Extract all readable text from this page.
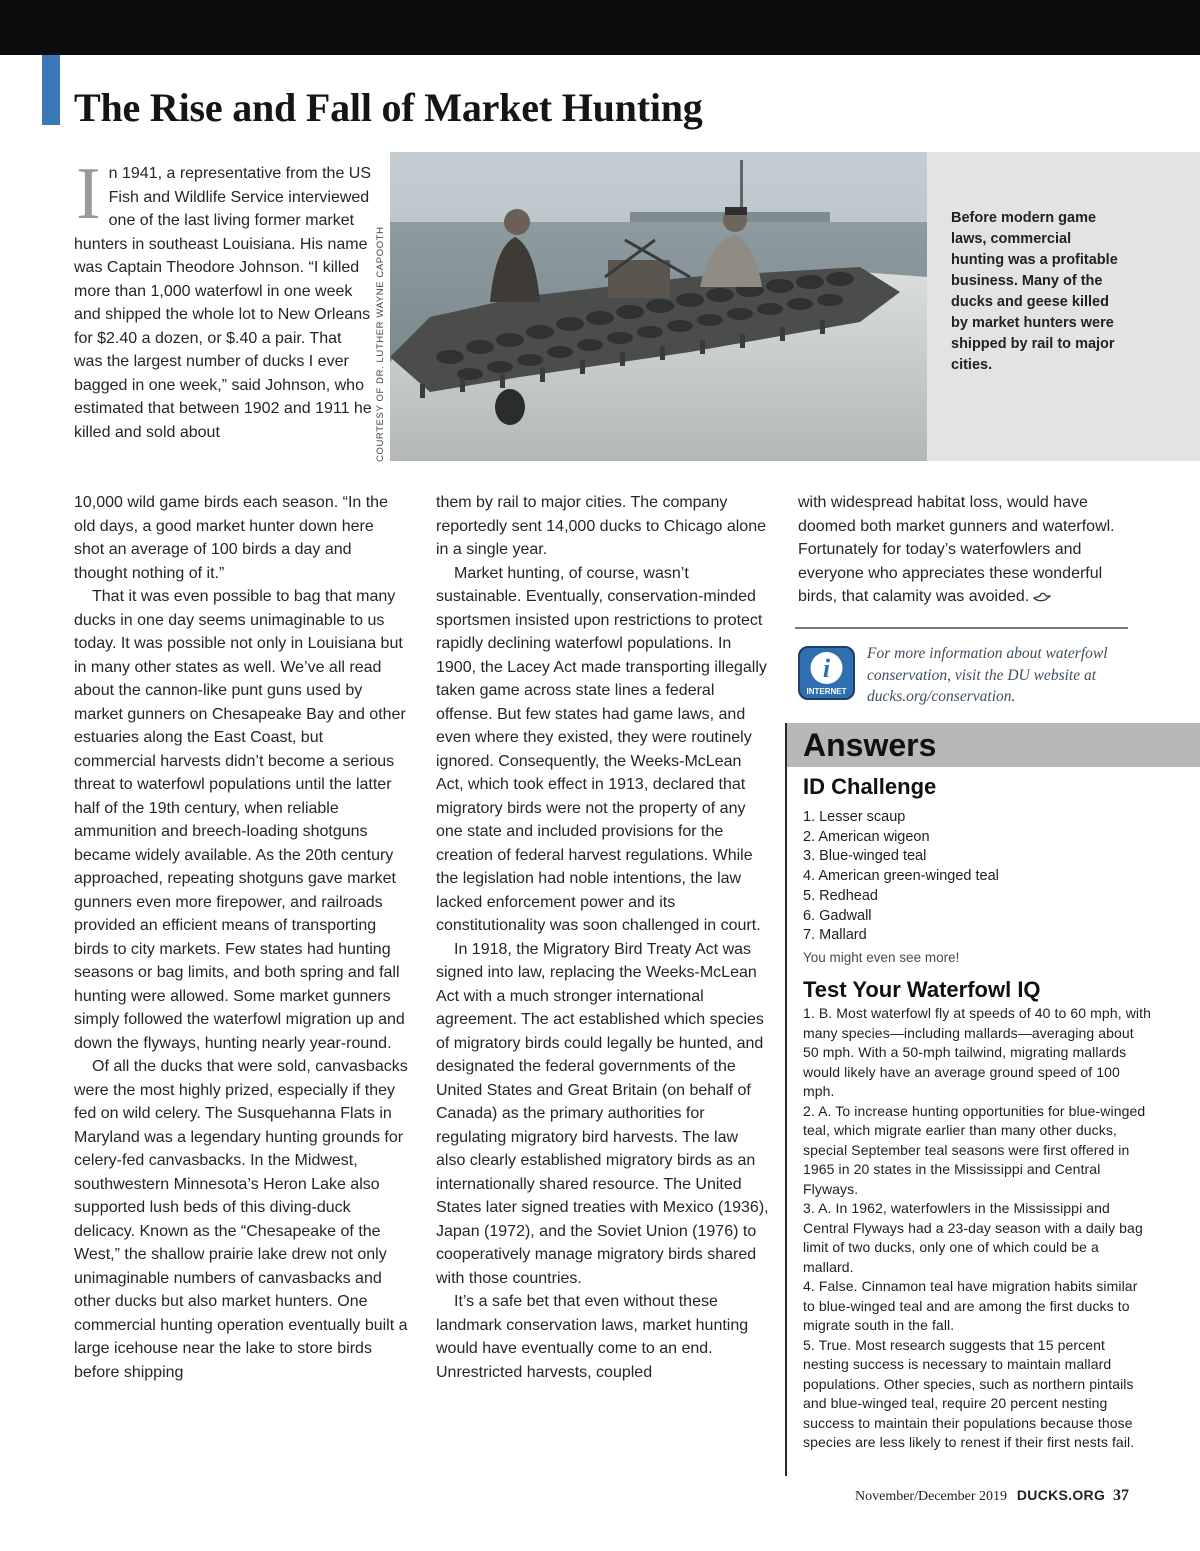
The Rise and Fall of Market Hunting
I n 1941, a representative from the US Fish and Wildlife Service interviewed one of the last living former market hunters in southeast Louisiana. His name was Captain Theodore Johnson. “I killed more than 1,000 waterfowl in one week and shipped the whole lot to New Orleans for $2.40 a dozen, or $.40 a pair. That was the largest number of ducks I ever bagged in one week,” said Johnson, who estimated that between 1902 and 1911 he killed and sold about

Before modern game laws, commercial hunting was a profitable business. Many of the ducks and geese killed by market hunters were shipped by rail to major cities.

COURTESY OF DR. LUTHER WAYNE CAPOOTH

10,000 wild game birds each season. “In the old days, a good market hunter down here shot an average of 100 birds a day and thought nothing of it.”

That it was even possible to bag that many ducks in one day seems unimaginable to us today. It was possible not only in Louisiana but in many other states as well. We’ve all read about the cannon-like punt guns used by market gunners on Chesapeake Bay and other estuaries along the East Coast, but commercial harvests didn’t become a serious threat to waterfowl populations until the latter half of the 19th century, when reliable ammunition and breech-loading shotguns became widely available. As the 20th century approached, repeating shotguns gave market gunners even more firepower, and railroads provided an efficient means of transporting birds to city markets. Few states had hunting seasons or bag limits, and both spring and fall hunting were allowed. Some market gunners simply followed the waterfowl migration up and down the flyways, hunting nearly year-round.

Of all the ducks that were sold, canvasbacks were the most highly prized, especially if they fed on wild celery. The Susquehanna Flats in Maryland was a legendary hunting grounds for celery-fed canvasbacks. In the Midwest, southwestern Minnesota’s Heron Lake also supported lush beds of this diving-duck delicacy. Known as the “Chesapeake of the West,” the shallow prairie lake drew not only unimaginable numbers of canvasbacks and other ducks but also market hunters. One commercial hunting operation eventually built a large icehouse near the lake to store birds before shipping

them by rail to major cities. The company reportedly sent 14,000 ducks to Chicago alone in a single year.

Market hunting, of course, wasn’t sustainable. Eventually, conservation-minded sportsmen insisted upon restrictions to protect rapidly declining waterfowl populations. In 1900, the Lacey Act made transporting illegally taken game across state lines a federal offense. But few states had game laws, and even where they existed, they were routinely ignored. Consequently, the Weeks-McLean Act, which took effect in 1913, declared that migratory birds were not the property of any one state and included provisions for the creation of federal harvest regulations. While the legislation had noble intentions, the law lacked enforcement power and its constitutionality was soon challenged in court.

In 1918, the Migratory Bird Treaty Act was signed into law, replacing the Weeks-McLean Act with a much stronger international agreement. The act established which species of migratory birds could legally be hunted, and designated the federal governments of the United States and Great Britain (on behalf of Canada) as the primary authorities for regulating migratory bird harvests. The law also clearly established migratory birds as an internationally shared resource. The United States later signed treaties with Mexico (1936), Japan (1972), and the Soviet Union (1976) to cooperatively manage migratory birds shared with those countries.

It’s a safe bet that even without these landmark conservation laws, market hunting would have eventually come to an end. Unrestricted harvests, coupled

with widespread habitat loss, would have doomed both market gunners and waterfowl. Fortunately for today’s waterfowlers and everyone who appreciates these wonderful birds, that calamity was avoided.

i
INTERNET

For more information about waterfowl conservation, visit the DU website at ducks.org/conservation.

Answers
ID Challenge
1. Lesser scaup
2. American wigeon
3. Blue-winged teal
4. American green-winged teal
5. Redhead
6. Gadwall
7. Mallard

You might even see more!

Test Your Waterfowl IQ
1. B. Most waterfowl fly at speeds of 40 to 60 mph, with many species—including mallards—averaging about 50 mph. With a 50-mph tailwind, migrating mallards would likely have an average ground speed of 100 mph.
2. A. To increase hunting opportunities for blue-winged teal, which migrate earlier than many other ducks, special September teal seasons were first offered in 1965 in 20 states in the Mississippi and Central Flyways.
3. A. In 1962, waterfowlers in the Mississippi and Central Flyways had a 23-day season with a daily bag limit of two ducks, only one of which could be a mallard.
4. False. Cinnamon teal have migration habits similar to blue-winged teal and are among the first ducks to migrate south in the fall.
5. True. Most research suggests that 15 percent nesting success is necessary to maintain mallard populations. Other species, such as northern pintails and blue-winged teal, require 20 percent nesting success to maintain their populations because those species are less likely to renest if their first nests fail.
November/December 2019 DUCKS.ORG 37
